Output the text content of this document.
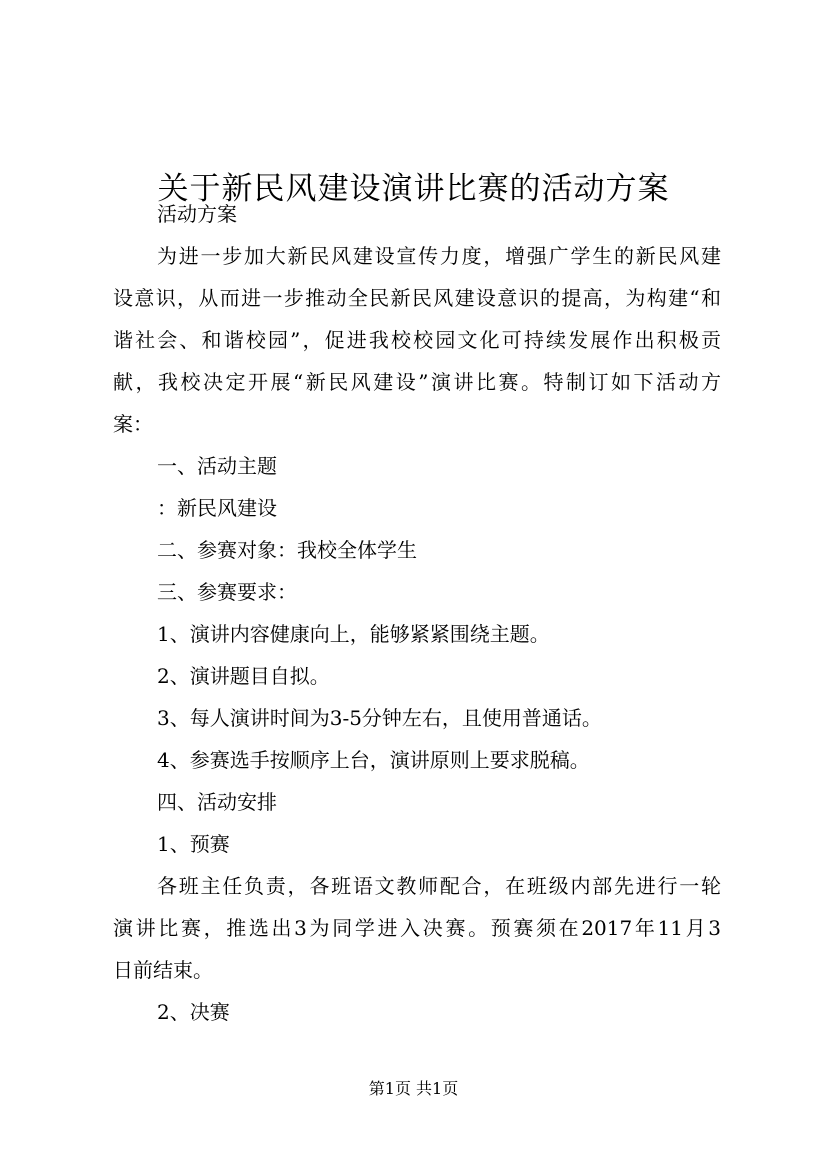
关于新民风建设演讲比赛的活动方案
活动方案
为进一步加大新民风建设宣传力度，增强广学生的新民风建
设意识，从而进一步推动全民新民风建设意识的提高，为构建“和
谐社会、和谐校园”，促进我校校园文化可持续发展作出积极贡
献，我校决定开展“新民风建设”演讲比赛。特制订如下活动方
案：
一、活动主题
：新民风建设
二、参赛对象：我校全体学生
三、参赛要求：
1、演讲内容健康向上，能够紧紧围绕主题。
2、演讲题目自拟。
3、每人演讲时间为3-5分钟左右，且使用普通话。
4、参赛选手按顺序上台，演讲原则上要求脱稿。
四、活动安排
1、预赛
各班主任负责，各班语文教师配合，在班级内部先进行一轮
演讲比赛，推选出3为同学进入决赛。预赛须在2017年11月3
日前结束。
2、决赛
第1页 共1页
